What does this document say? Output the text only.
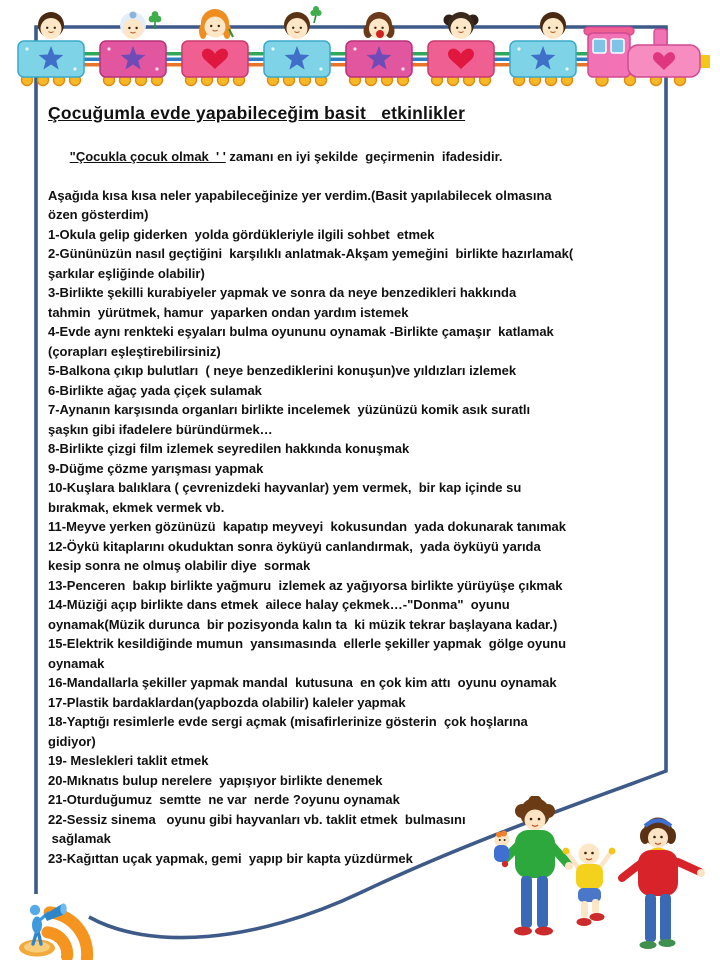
Çocuğumla evde yapabileceğim basit   etkinlikler

"Çocukla çocuk olmak  ' ' zamanı en iyi şekilde  geçirmenin  ifadesidir.

Aşağıda kısa kısa neler yapabileceğinize yer verdim.(Basit yapılabilecek olmasına
özen gösterdim)
1-Okula gelip giderken  yolda gördükleriyle ilgili sohbet  etmek
2-Gününüzün nasıl geçtiğini  karşılıklı anlatmak-Akşam yemeğini  birlikte hazırlamak(
şarkılar eşliğinde olabilir)
3-Birlikte şekilli kurabiyeler yapmak ve sonra da neye benzedikleri hakkında
tahmin  yürütmek, hamur  yaparken ondan yardım istemek
4-Evde aynı renkteki eşyaları bulma oyununu oynamak -Birlikte çamaşır  katlamak
(çorapları eşleştirebilirsiniz)
5-Balkona çıkıp bulutları  ( neye benzediklerini konuşun)ve yıldızları izlemek
6-Birlikte ağaç yada çiçek sulamak
7-Aynanın karşısında organları birlikte incelemek  yüzünüzü komik asık suratlı
şaşkın gibi ifadelere büründürmek…
8-Birlikte çizgi film izlemek seyredilen hakkında konuşmak
9-Düğme çözme yarışması yapmak
10-Kuşlara balıklara ( çevrenizdeki hayvanlar) yem vermek,  bir kap içinde su
bırakmak, ekmek vermek vb.
11-Meyve yerken gözünüzü  kapatıp meyveyi  kokusundan  yada dokunarak tanımak
12-Öykü kitaplarını okuduktan sonra öyküyü canlandırmak,  yada öyküyü yarıda
kesip sonra ne olmuş olabilir diye  sormak
13-Penceren  bakıp birlikte yağmuru  izlemek az yağıyorsa birlikte yürüyüşe çıkmak
14-Müziği açıp birlikte dans etmek  ailece halay çekmek…-"Donma"  oyunu
oynamak(Müzik durunca  bir pozisyonda kalın ta  ki müzik tekrar başlayana kadar.)
15-Elektrik kesildiğinde mumun  yansımasında  ellerle şekiller yapmak  gölge oyunu
oynamak
16-Mandallarla şekiller yapmak mandal  kutusuna  en çok kim attı  oyunu oynamak
17-Plastik bardaklardan(yapbozda olabilir) kaleler yapmak
18-Yaptığı resimlerle evde sergi açmak (misafirlerinize gösterin  çok hoşlarına
gidiyor)
19- Meslekleri taklit etmek
20-Mıknatıs bulup nerelere  yapışıyor birlikte denemek
21-Oturduğumuz  semtte  ne var  nerde ?oyunu oynamak
22-Sessiz sinema   oyunu gibi hayvanları vb. taklit etmek  bulmasını
sağlamak
23-Kağıttan uçak yapmak, gemi  yapıp bir kapta yüzdürmek
